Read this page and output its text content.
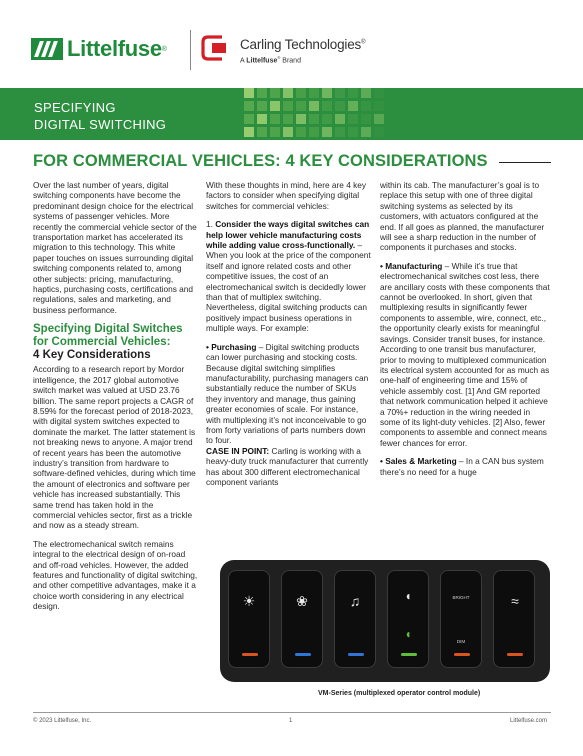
Littelfuse ®	Carling Technologies®
A Littelfuse® Brand
SPECIFYING
DIGITAL SWITCHING
FOR COMMERCIAL VEHICLES: 4 KEY CONSIDERATIONS

Over the last number of years, digital switching components have become the predominant design choice for the electrical systems of passenger vehicles. More recently the commercial vehicle sector of the transportation market has accelerated its migration to this technology. This white paper touches on issues surrounding digital switching components related to, among other subjects: pricing, manufacturing, haptics, purchasing costs, certifications and regulations, sales and marketing, and business performance.

Specifying Digital Switches for Commercial Vehicles:
4 Key Considerations

According to a research report by Mordor intelligence, the 2017 global automotive switch market was valued at USD 23.76 billion. The same report projects a CAGR of 8.59% for the forecast period of 2018-2023, with digital system switches expected to dominate the market. The latter statement is not breaking news to anyone. A major trend of recent years has been the automotive industry’s transition from hardware to software-defined vehicles, during which time the amount of electronics and software per vehicle has increased substantially. This same trend has taken hold in the commercial vehicles sector, first as a trickle and now as a steady stream.

The electromechanical switch remains integral to the electrical design of on-road and off-road vehicles. However, the added features and functionality of digital switching, and other competitive advantages, make it a choice worth considering in any electrical design.

With these thoughts in mind, here are 4 key factors to consider when specifying digital switches for commercial vehicles:

1. Consider the ways digital switches can help lower vehicle manufacturing costs while adding value cross-functionally. – When you look at the price of the component itself and ignore related costs and other competitive issues, the cost of an electromechanical switch is decidedly lower than that of multiplex switching. Nevertheless, digital switching products can positively impact business operations in multiple ways. For example:

• Purchasing – Digital switching products can lower purchasing and stocking costs. Because digital switching simplifies manufacturability, purchasing managers can substantially reduce the number of SKUs they inventory and manage, thus gaining greater economies of scale. For instance, with multiplexing it’s not inconceivable to go from forty variations of parts numbers down to four.

CASE IN POINT: Carling is working with a heavy-duty truck manufacturer that currently has about 300 different electromechanical component variants

within its cab. The manufacturer’s goal is to replace this setup with one of three digital switching systems as selected by its customers, with actuators configured at the end. If all goes as planned, the manufacturer will see a sharp reduction in the number of components it purchases and stocks.

• Manufacturing – While it’s true that electromechanical switches cost less, there are ancillary costs with these components that cannot be overlooked. In short, given that multiplexing results in significantly fewer components to assemble, wire, connect, etc., the opportunity clearly exists for meaningful savings. Consider transit buses, for instance. According to one transit bus manufacturer, prior to moving to multiplexed communication its electrical system accounted for as much as one-half of engineering time and 15% of vehicle assembly cost. [1] And GM reported that network communication helped it achieve a 70%+ reduction in the wiring needed in some of its light-duty vehicles. [2] Also, fewer components to assemble and connect means fewer chances for error.

• Sales & Marketing – In a CAN bus system there’s no need for a huge

☀	❀	♫	◖
◖
BRIGHT
DIM
≈
VM-Series (multiplexed operator control module)
© 2023 Littelfuse, Inc.	1	Littelfuse.com
